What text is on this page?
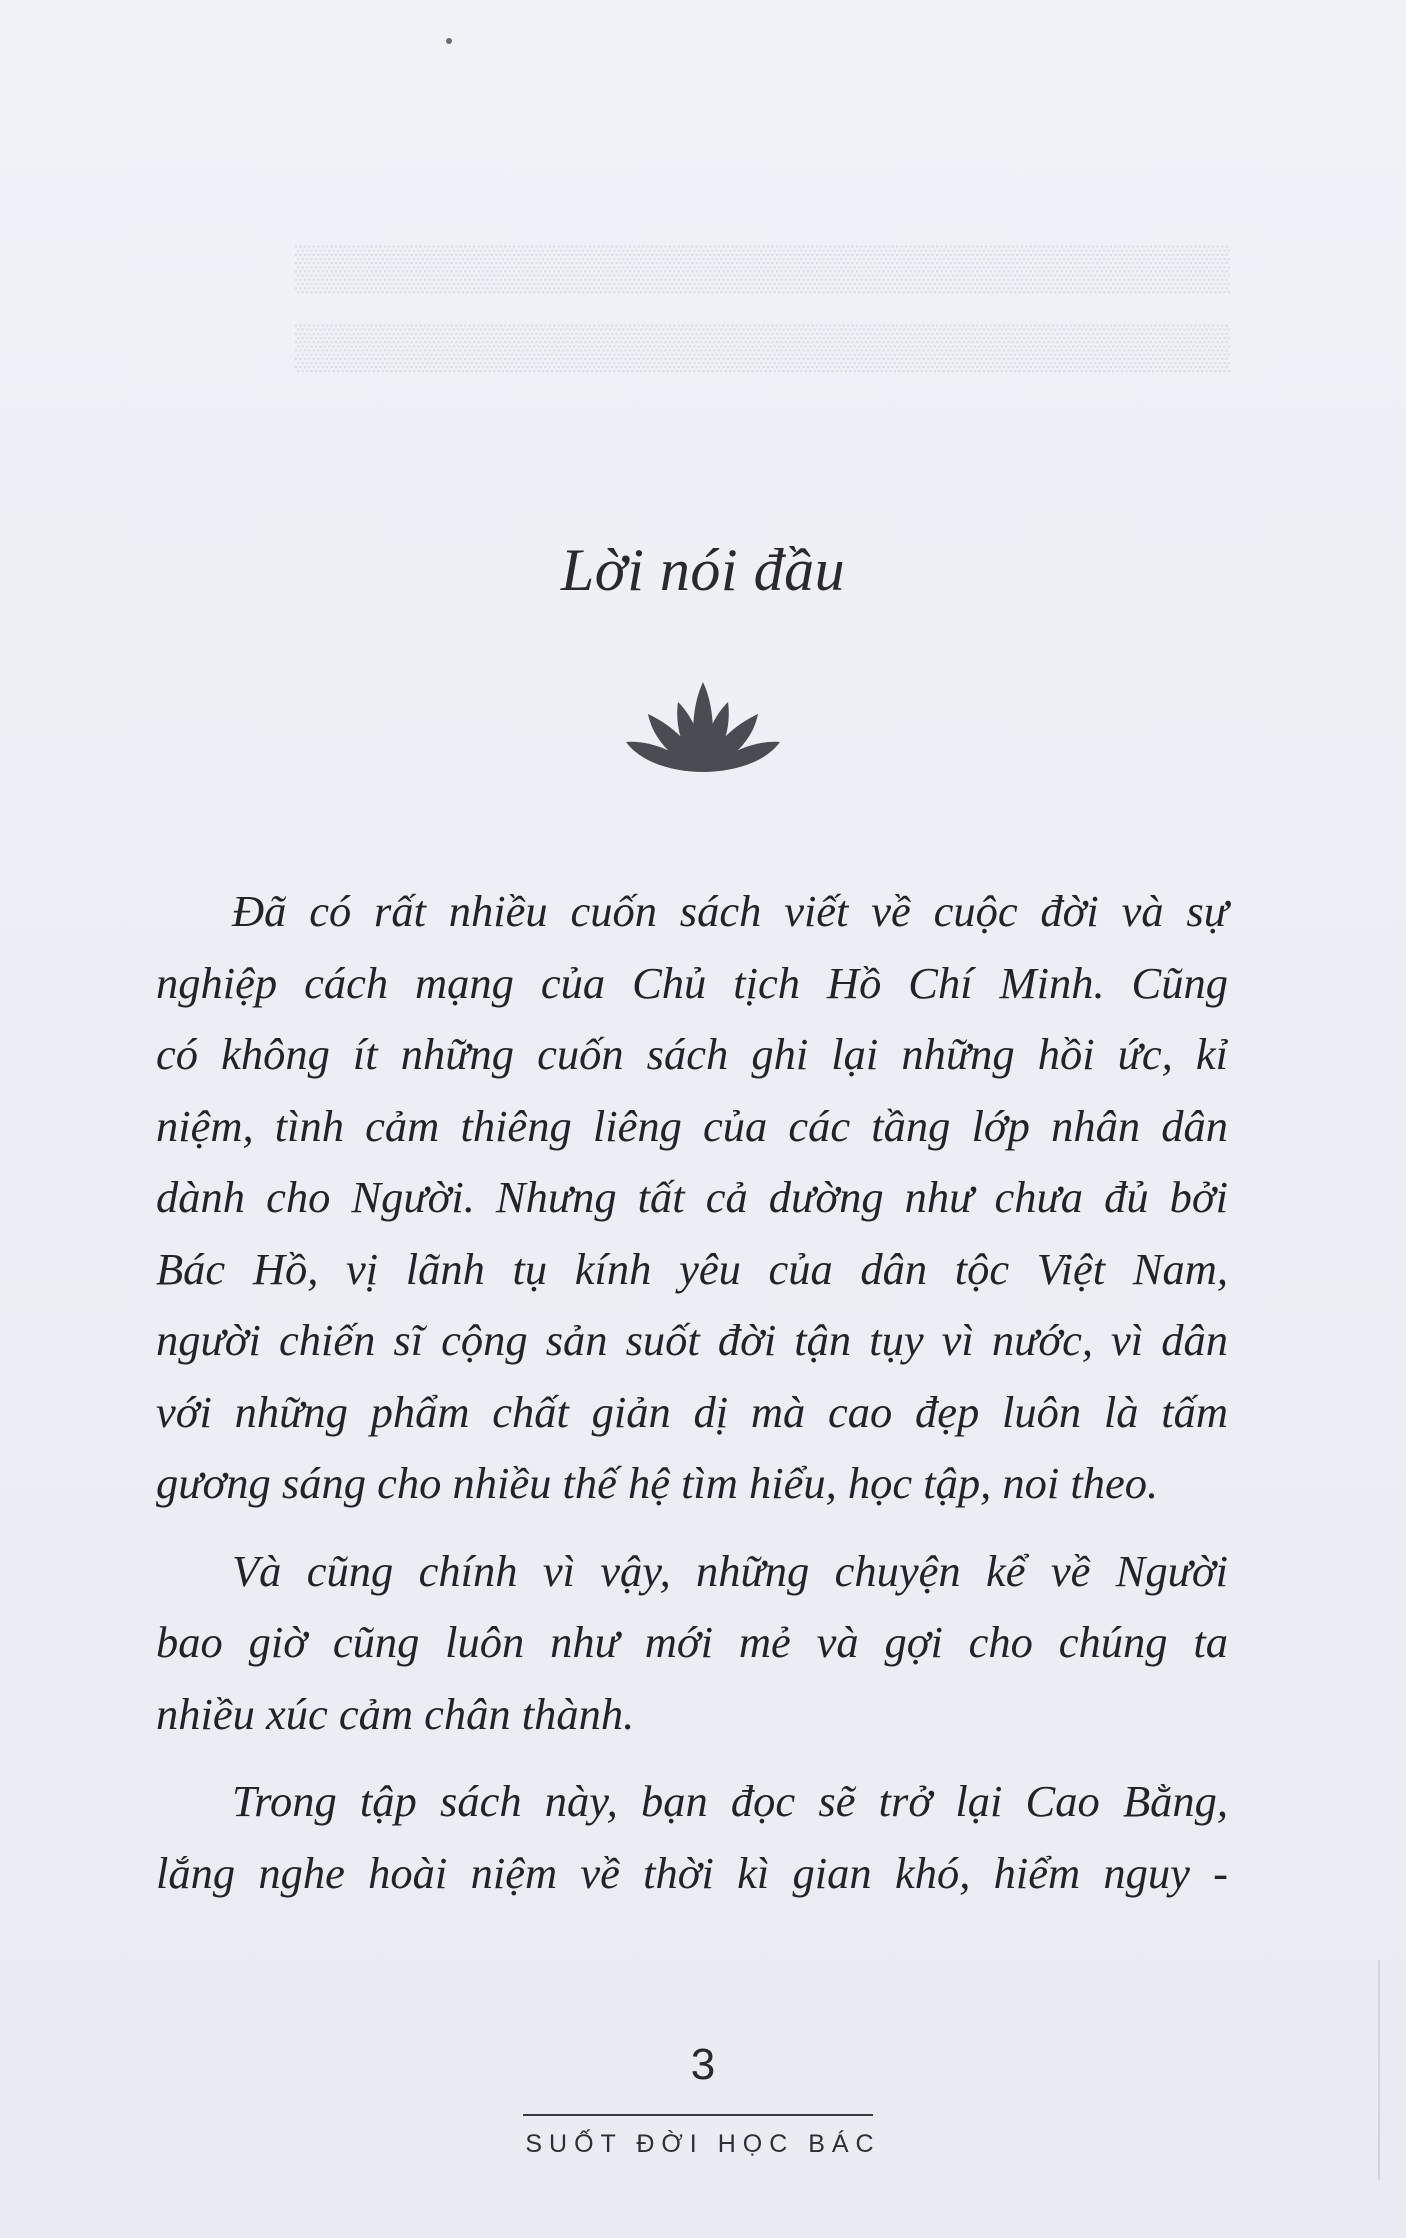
▒▒▒▒▒▒▒▒▒▒▒▒▒▒▒▒▒▒▒▒▒▒▒▒▒▒▒▒▒▒
▒▒▒▒▒▒▒▒▒▒▒▒▒▒▒▒▒▒▒▒▒▒▒▒▒▒▒▒▒▒
Lời nói đầu

Đã có rất nhiều cuốn sách viết về cuộc đời và sự
nghiệp cách mạng của Chủ tịch Hồ Chí Minh. Cũng
có không ít những cuốn sách ghi lại những hồi ức, kỉ
niệm, tình cảm thiêng liêng của các tầng lớp nhân dân
dành cho Người. Nhưng tất cả dường như chưa đủ bởi
Bác Hồ, vị lãnh tụ kính yêu của dân tộc Việt Nam,
người chiến sĩ cộng sản suốt đời tận tụy vì nước, vì dân
với những phẩm chất giản dị mà cao đẹp luôn là tấm
gương sáng cho nhiều thế hệ tìm hiểu, học tập, noi theo.

Và cũng chính vì vậy, những chuyện kể về Người
bao giờ cũng luôn như mới mẻ và gợi cho chúng ta
nhiều xúc cảm chân thành.

Trong tập sách này, bạn đọc sẽ trở lại Cao Bằng,
lắng nghe hoài niệm về thời kì gian khó, hiểm nguy -

3
SUỐT ĐỜI HỌC BÁC
